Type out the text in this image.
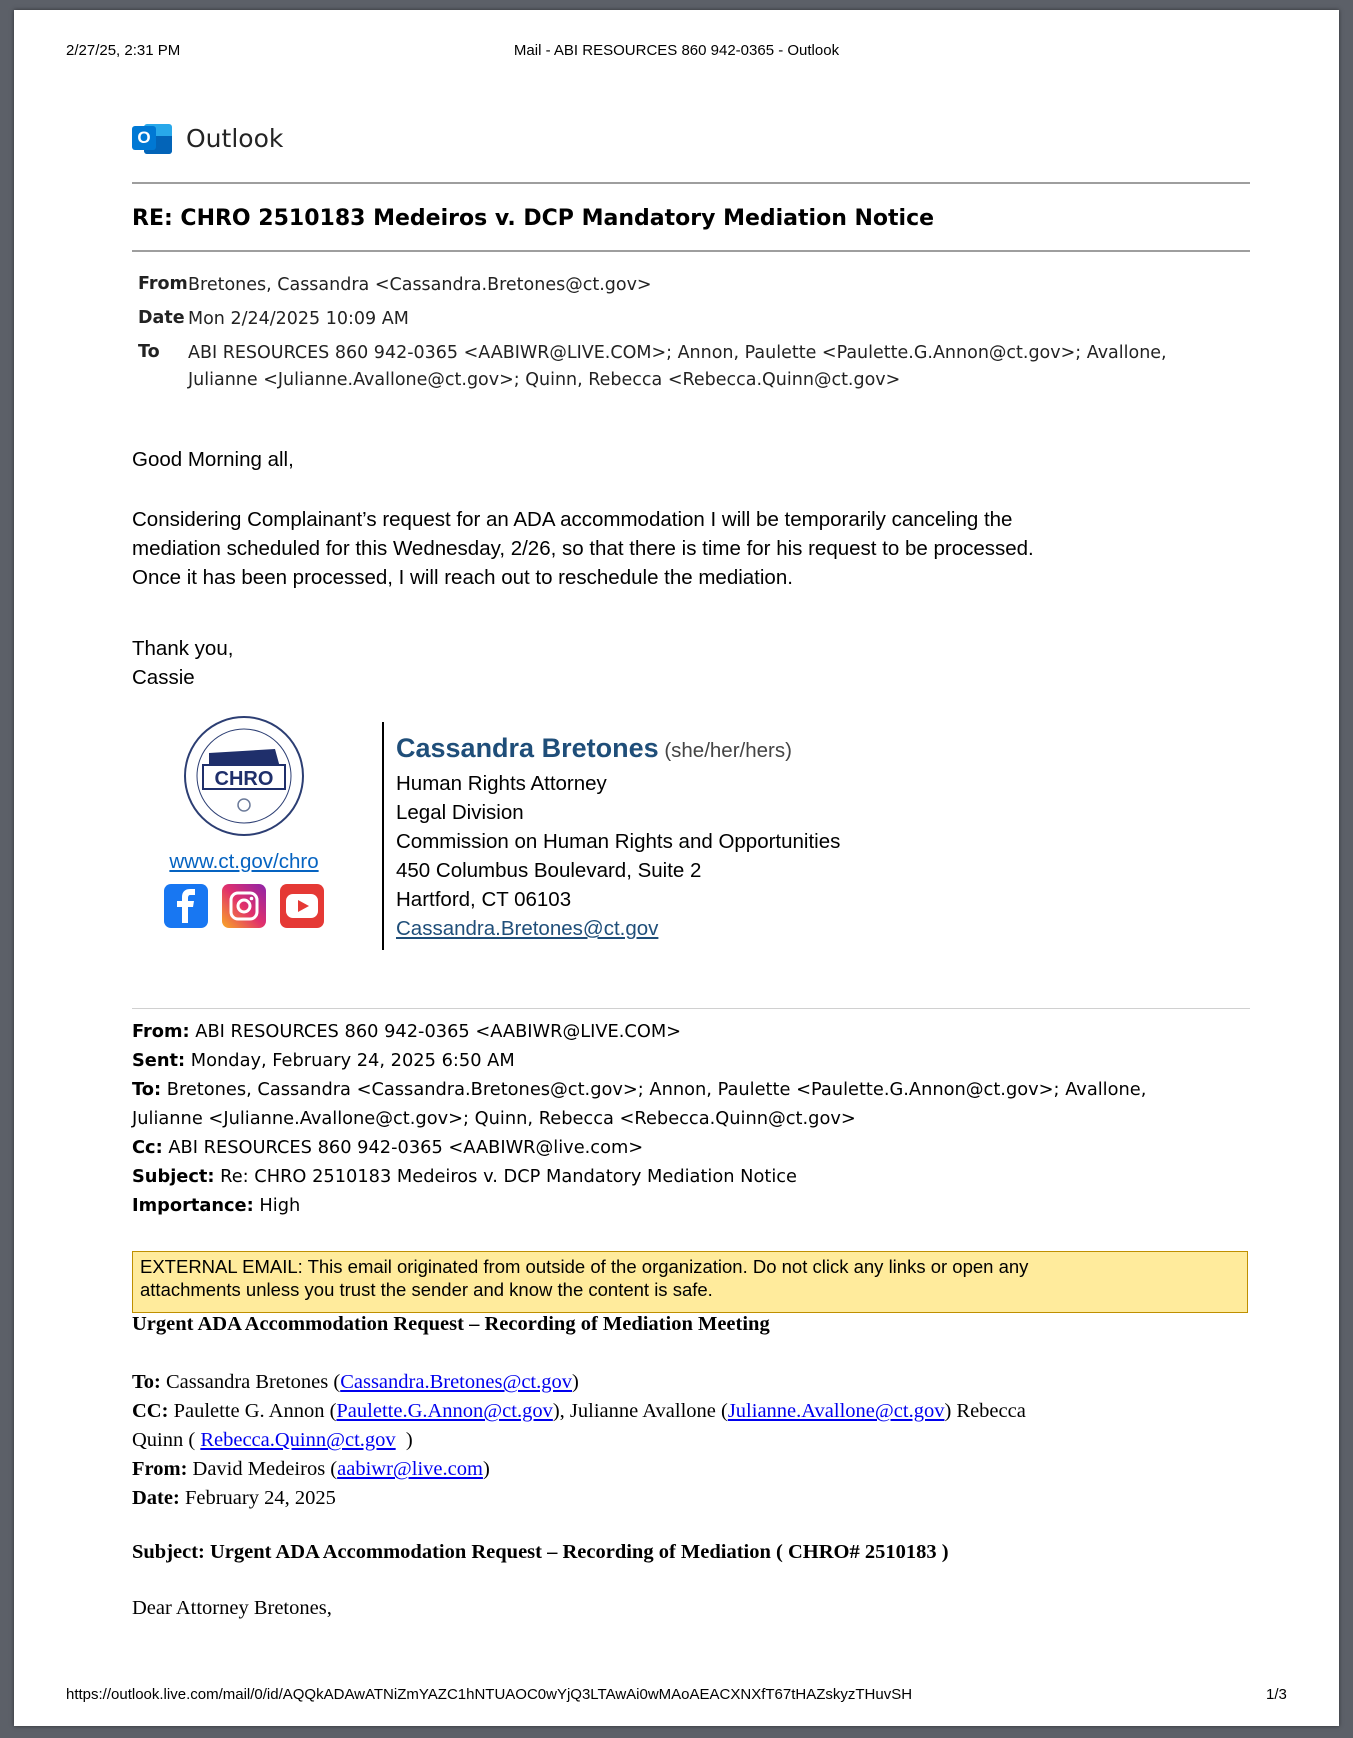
2/27/25, 2:31 PM	Mail - ABI RESOURCES 860 942-0365 - Outlook
O Outlook
RE: CHRO 2510183 Medeiros v. DCP Mandatory Mediation Notice
From Bretones, Cassandra <Cassandra.Bretones@ct.gov>
Date Mon 2/24/2025 10:09 AM
To ABI RESOURCES 860 942-0365 <AABIWR@LIVE.COM>; Annon, Paulette <Paulette.G.Annon@ct.gov>; Avallone,
Julianne <Julianne.Avallone@ct.gov>; Quinn, Rebecca <Rebecca.Quinn@ct.gov>
Good Morning all,
Considering Complainant’s request for an ADA accommodation I will be temporarily canceling the
mediation scheduled for this Wednesday, 2/26, so that there is time for his request to be processed.
Once it has been processed, I will reach out to reschedule the mediation.
Thank you,
Cassie
CHRO
www.ct.gov/chro
Cassandra Bretones (she/her/hers)
Human Rights Attorney
Legal Division
Commission on Human Rights and Opportunities
450 Columbus Boulevard, Suite 2
Hartford, CT 06103
Cassandra.Bretones@ct.gov
From: ABI RESOURCES 860 942-0365 <AABIWR@LIVE.COM>
Sent: Monday, February 24, 2025 6:50 AM
To: Bretones, Cassandra <Cassandra.Bretones@ct.gov>; Annon, Paulette <Paulette.G.Annon@ct.gov>; Avallone,
Julianne <Julianne.Avallone@ct.gov>; Quinn, Rebecca <Rebecca.Quinn@ct.gov>
Cc: ABI RESOURCES 860 942-0365 <AABIWR@live.com>
Subject: Re: CHRO 2510183 Medeiros v. DCP Mandatory Mediation Notice
Importance: High
EXTERNAL EMAIL: This email originated from outside of the organization. Do not click any links or open any
attachments unless you trust the sender and know the content is safe.
Urgent ADA Accommodation Request – Recording of Mediation Meeting
To: Cassandra Bretones (Cassandra.Bretones@ct.gov)
CC: Paulette G. Annon (Paulette.G.Annon@ct.gov), Julianne Avallone (Julianne.Avallone@ct.gov) Rebecca
Quinn ( Rebecca.Quinn@ct.gov  )
From: David Medeiros (aabiwr@live.com)
Date: February 24, 2025
Subject: Urgent ADA Accommodation Request – Recording of Mediation ( CHRO# 2510183 )
Dear Attorney Bretones,
https://outlook.live.com/mail/0/id/AQQkADAwATNiZmYAZC1hNTUAOC0wYjQ3LTAwAi0wMAoAEACXNXfT67tHAZskyzTHuvSH	1/3
